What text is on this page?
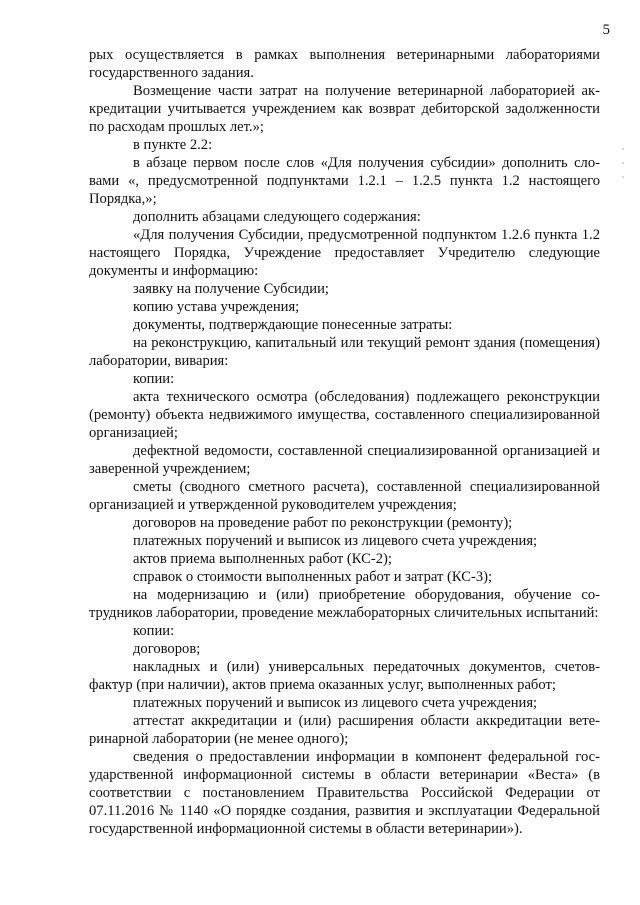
5

рых осуществляется в рамках выполнения ветеринарными лабораториями государственного задания.

Возмещение части затрат на получение ветеринарной лабораторией аккредитации учитывается учреждением как возврат дебиторской задолженности по расходам прошлых лет.»;

в пункте 2.2:

в абзаце первом после слов «Для получения субсидии» дополнить словами «, предусмотренной подпунктами 1.2.1 – 1.2.5 пункта 1.2 настоящего Порядка,»;

дополнить абзацами следующего содержания:

«Для получения Субсидии, предусмотренной подпунктом 1.2.6 пункта 1.2 настоящего Порядка, Учреждение предоставляет Учредителю следующие документы и информацию:

заявку на получение Субсидии;

копию устава учреждения;

документы, подтверждающие понесенные затраты:

на реконструкцию, капитальный или текущий ремонт здания (помещения) лаборатории, вивария:

копии:

акта технического осмотра (обследования) подлежащего реконструкции (ремонту) объекта недвижимого имущества, составленного специализированной организацией;

дефектной ведомости, составленной специализированной организацией и заверенной учреждением;

сметы (сводного сметного расчета), составленной специализированной организацией и утвержденной руководителем учреждения;

договоров на проведение работ по реконструкции (ремонту);

платежных поручений и выписок из лицевого счета учреждения;

актов приема выполненных работ (КС-2);

справок о стоимости выполненных работ и затрат (КС-3);

на модернизацию и (или) приобретение оборудования, обучение сотрудников лаборатории, проведение межлабораторных сличительных испытаний:

копии:

договоров;

накладных и (или) универсальных передаточных документов, счетов-фактур (при наличии), актов приема оказанных услуг, выполненных работ;

платежных поручений и выписок из лицевого счета учреждения;

аттестат аккредитации и (или) расширения области аккредитации ветеринарной лаборатории (не менее одного);

сведения о предоставлении информации в компонент федеральной государственной информационной системы в области ветеринарии «Веста» (в соответствии с постановлением Правительства Российской Федерации от 07.11.2016 № 1140 «О порядке создания, развития и эксплуатации Федеральной государственной информационной системы в области ветеринарии»).
